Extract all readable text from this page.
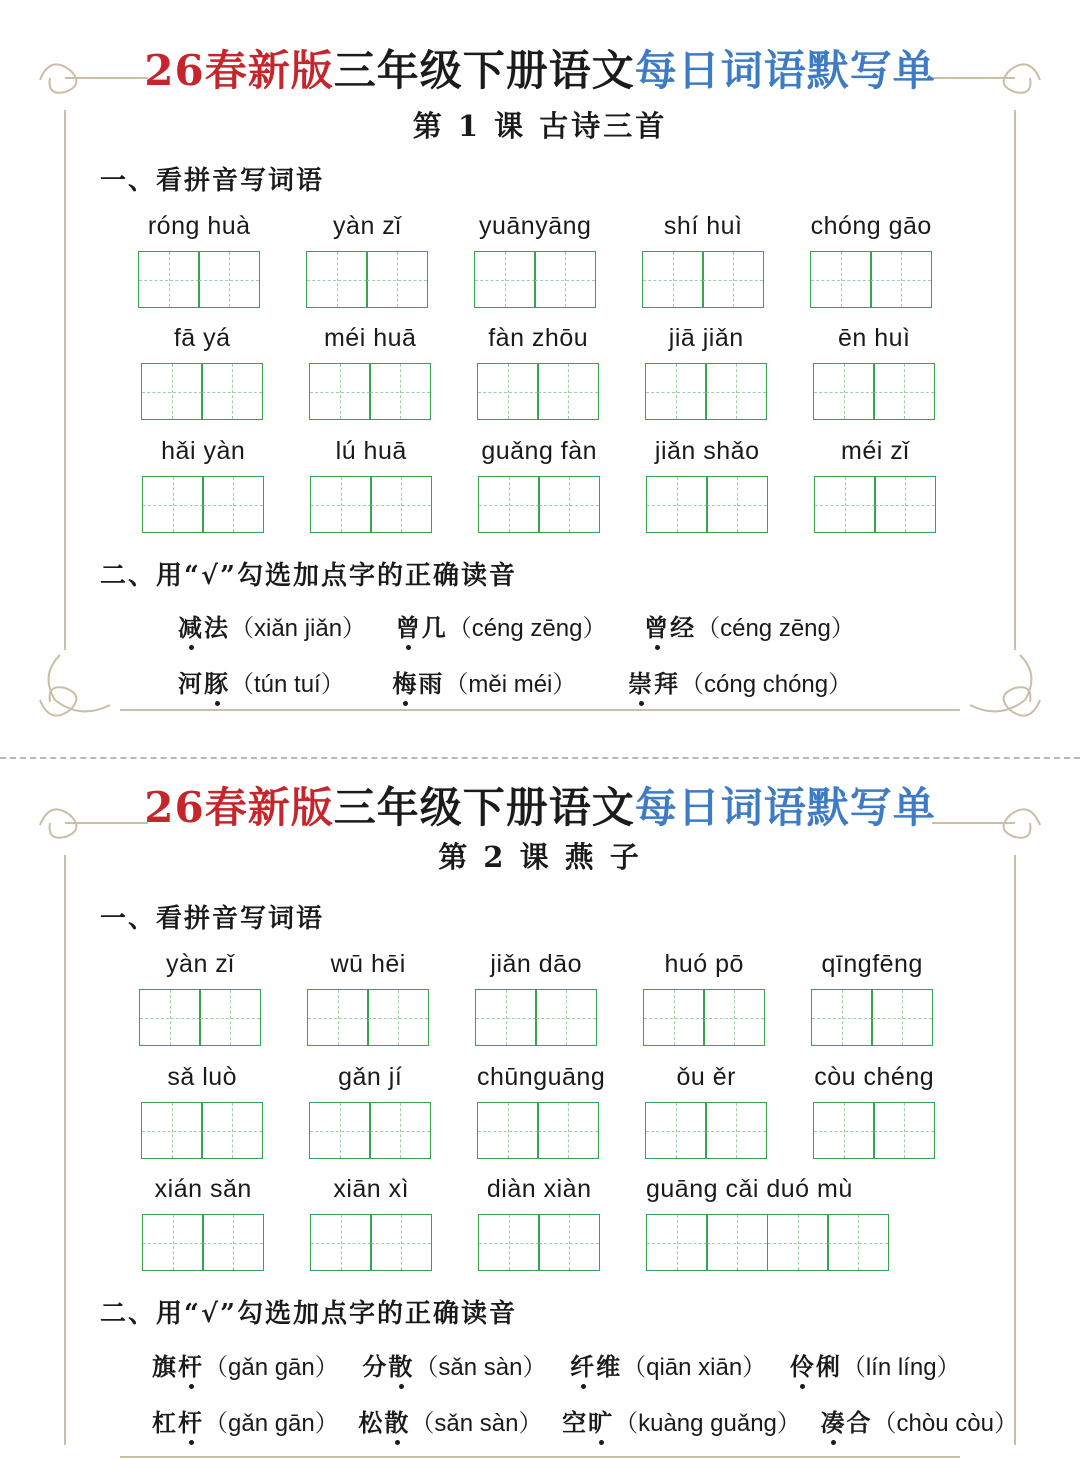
26春新版三年级下册语文每日词语默写单
第 1 课 古诗三首
一、看拼音写词语
róng huà	yàn zǐ	yuānyāng	shí huì	chóng gāo
fā yá	méi huā	fàn zhōu	jiā jiǎn	ēn huì
hǎi yàn	lú huā	guǎng fàn	jiǎn shǎo	méi zǐ
二、用“√”勾选加点字的正确读音
减法（xiǎn jiǎn） 曾几（céng zēng） 曾经（céng zēng）
河豚（tún tuí） 梅雨（měi méi） 崇拜（cóng chóng）
26春新版三年级下册语文每日词语默写单
第 2 课 燕 子
一、看拼音写词语
yàn zǐ	wū hēi	jiǎn dāo	huó pō	qīngfēng
sǎ luò	gǎn jí	chūnguāng	ǒu ěr	còu chéng
xián sǎn	xiān xì	diàn xiàn	guāng cǎi duó mù
二、用“√”勾选加点字的正确读音
旗杆（gǎn gān） 分散（sǎn sàn） 纤维（qiān xiān） 伶俐（lín líng）
杠杆（gǎn gān） 松散（sǎn sàn） 空旷（kuàng guǎng） 凑合（chòu còu）
